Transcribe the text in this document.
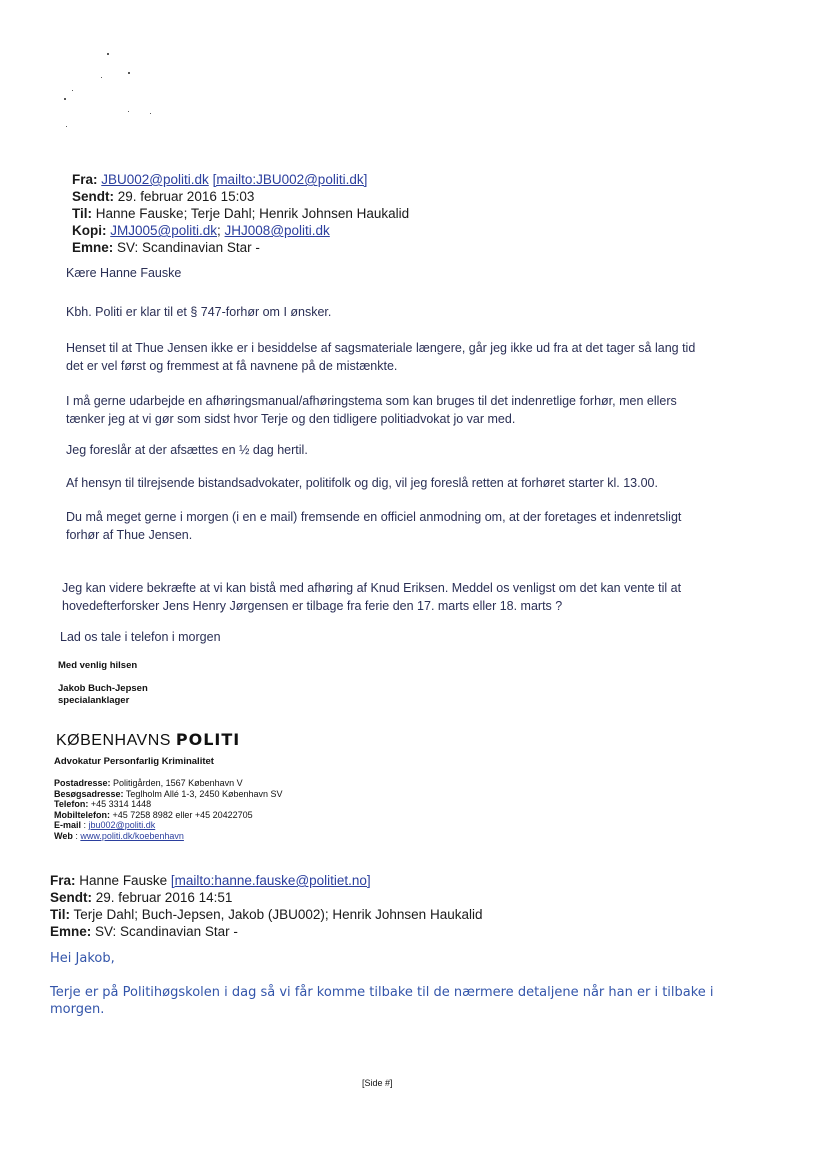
Fra: JBU002@politi.dk [mailto:JBU002@politi.dk]
Sendt: 29. februar 2016 15:03
Til: Hanne Fauske; Terje Dahl; Henrik Johnsen Haukalid
Kopi: JMJ005@politi.dk; JHJ008@politi.dk
Emne: SV: Scandinavian Star -
Kære Hanne Fauske
Kbh. Politi er klar til et § 747-forhør om I ønsker.
Henset til at Thue Jensen ikke er i besiddelse af sagsmateriale længere, går jeg ikke ud fra at det tager så lang tid det er vel først og fremmest at få navnene på de mistænkte.
I må gerne udarbejde en afhøringsmanual/afhøringstema som kan bruges til det indenretlige forhør, men ellers tænker jeg at vi gør som sidst hvor Terje og den tidligere politiadvokat jo var med.
Jeg foreslår at der afsættes en ½ dag hertil.
Af hensyn til tilrejsende bistandsadvokater, politifolk og dig, vil jeg foreslå retten at forhøret starter kl. 13.00.
Du må meget gerne i morgen (i en e mail) fremsende en officiel anmodning om, at der foretages et indenretsligt forhør af Thue Jensen.
Jeg kan videre bekræfte at vi kan bistå med afhøring af Knud Eriksen. Meddel os venligst om det kan vente til at hovedefterforsker Jens Henry Jørgensen er tilbage fra ferie den 17. marts eller 18. marts ?
Lad os tale i telefon i morgen
Med venlig hilsen
Jakob Buch-Jepsen
specialanklager
KØBENHAVNS POLITI
Advokatur Personfarlig Kriminalitet
Postadresse: Politigården, 1567 København V
Besøgsadresse: Teglholm Allé 1-3, 2450 København SV
Telefon: +45 3314 1448
Mobiltelefon: +45 7258 8982 eller +45 20422705
E-mail : jbu002@politi.dk
Web : www.politi.dk/koebenhavn
Fra: Hanne Fauske [mailto:hanne.fauske@politiet.no]
Sendt: 29. februar 2016 14:51
Til: Terje Dahl; Buch-Jepsen, Jakob (JBU002); Henrik Johnsen Haukalid
Emne: SV: Scandinavian Star -
Hei Jakob,
Terje er på Politihøgskolen i dag så vi får komme tilbake til de nærmere detaljene når han er i tilbake i morgen.
[Side #]
